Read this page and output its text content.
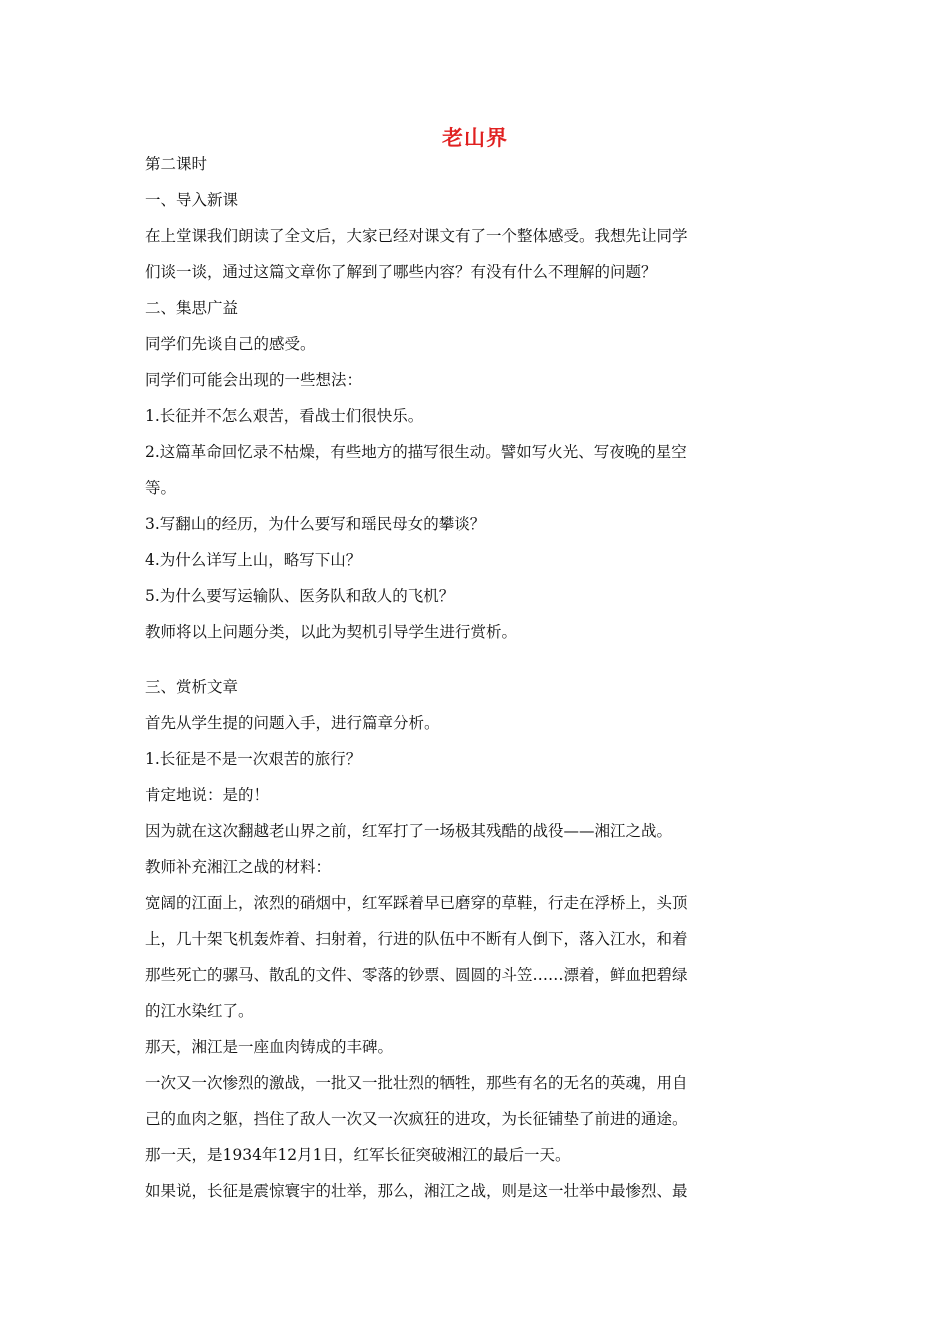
老山界

第二课时

一、导入新课

在上堂课我们朗读了全文后，大家已经对课文有了一个整体感受。我想先让同学

们谈一谈，通过这篇文章你了解到了哪些内容？有没有什么不理解的问题？

二、集思广益

同学们先谈自己的感受。

同学们可能会出现的一些想法：

1.长征并不怎么艰苦，看战士们很快乐。

2.这篇革命回忆录不枯燥，有些地方的描写很生动。譬如写火光、写夜晚的星空

等。

3.写翻山的经历，为什么要写和瑶民母女的攀谈？

4.为什么详写上山，略写下山？

5.为什么要写运输队、医务队和敌人的飞机？

教师将以上问题分类，以此为契机引导学生进行赏析。

三、赏析文章

首先从学生提的问题入手，进行篇章分析。

1.长征是不是一次艰苦的旅行？

肯定地说：是的！

因为就在这次翻越老山界之前，红军打了一场极其残酷的战役——湘江之战。

教师补充湘江之战的材料：

宽阔的江面上，浓烈的硝烟中，红军踩着早已磨穿的草鞋，行走在浮桥上，头顶

上，几十架飞机轰炸着、扫射着，行进的队伍中不断有人倒下，落入江水，和着

那些死亡的骡马、散乱的文件、零落的钞票、圆圆的斗笠……漂着，鲜血把碧绿

的江水染红了。

那天，湘江是一座血肉铸成的丰碑。

一次又一次惨烈的激战，一批又一批壮烈的牺牲，那些有名的无名的英魂，用自

己的血肉之躯，挡住了敌人一次又一次疯狂的进攻，为长征铺垫了前进的通途。

那一天，是1934年12月1日，红军长征突破湘江的最后一天。

如果说，长征是震惊寰宇的壮举，那么，湘江之战，则是这一壮举中最惨烈、最
